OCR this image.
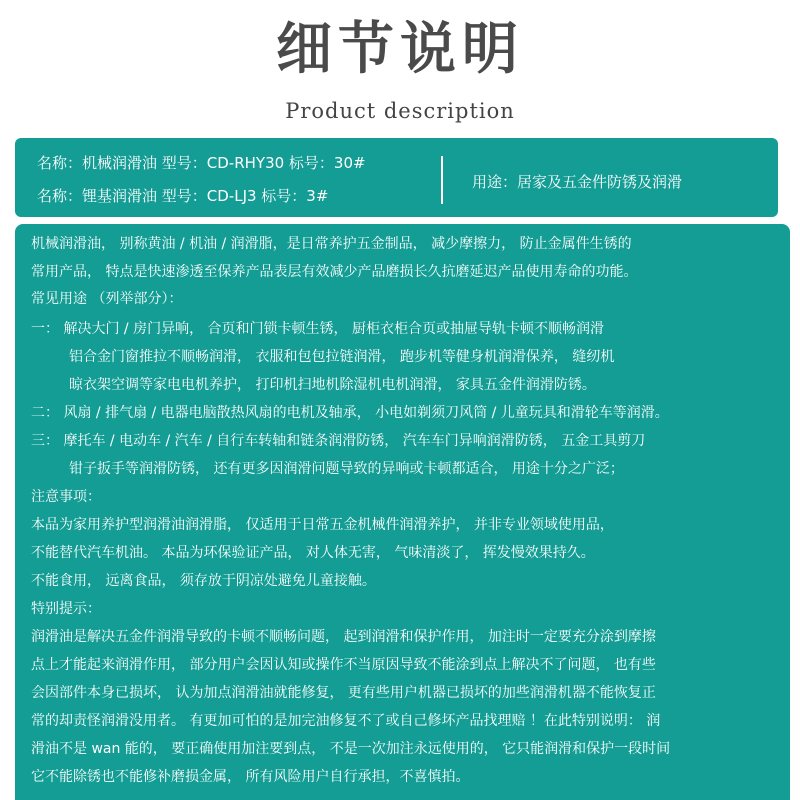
细节说明
Product description
名称：机械润滑油 型号：CD-RHY30 标号：30#
名称：锂基润滑油 型号：CD-LJ3 标号：3#
用途：居家及五金件防锈及润滑
机械润滑油， 别称黄油 / 机油 / 润滑脂，是日常养护五金制品， 减少摩擦力， 防止金属件生锈的
常用产品， 特点是快速渗透至保养产品表层有效减少产品磨损长久抗磨延迟产品使用寿命的功能。
常见用途 （列举部分）：
一： 解决大门 / 房门异响， 合页和门锁卡顿生锈， 厨柜衣柜合页或抽屉导轨卡顿不顺畅润滑
铝合金门窗推拉不顺畅润滑， 衣服和包包拉链润滑， 跑步机等健身机润滑保养， 缝纫机
晾衣架空调等家电电机养护， 打印机扫地机除湿机电机润滑， 家具五金件润滑防锈。
二： 风扇 / 排气扇 / 电器电脑散热风扇的电机及轴承， 小电如剃须刀风筒 / 儿童玩具和滑轮车等润滑。
三： 摩托车 / 电动车 / 汽车 / 自行车转轴和链条润滑防锈， 汽车车门异响润滑防锈， 五金工具剪刀
钳子扳手等润滑防锈， 还有更多因润滑问题导致的异响或卡顿都适合， 用途十分之广泛；
注意事项：
本品为家用养护型润滑油润滑脂， 仅适用于日常五金机械件润滑养护， 并非专业领域使用品，
不能替代汽车机油。 本品为环保验证产品， 对人体无害， 气味清淡了， 挥发慢效果持久。
不能食用， 远离食品， 须存放于阴凉处避免儿童接触。
特别提示：
润滑油是解决五金件润滑导致的卡顿不顺畅问题， 起到润滑和保护作用， 加注时一定要充分涂到摩擦
点上才能起来润滑作用， 部分用户会因认知或操作不当原因导致不能涂到点上解决不了问题， 也有些
会因部件本身已损坏， 认为加点润滑油就能修复， 更有些用户机器已损坏的加些润滑机器不能恢复正
常的却责怪润滑没用者。 有更加可怕的是加完油修复不了或自己修坏产品找理赔 ！在此特别说明： 润
滑油不是 wan 能的， 要正确使用加注要到点， 不是一次加注永远使用的， 它只能润滑和保护一段时间
它不能除锈也不能修补磨损金属， 所有风险用户自行承担，不喜慎拍。
